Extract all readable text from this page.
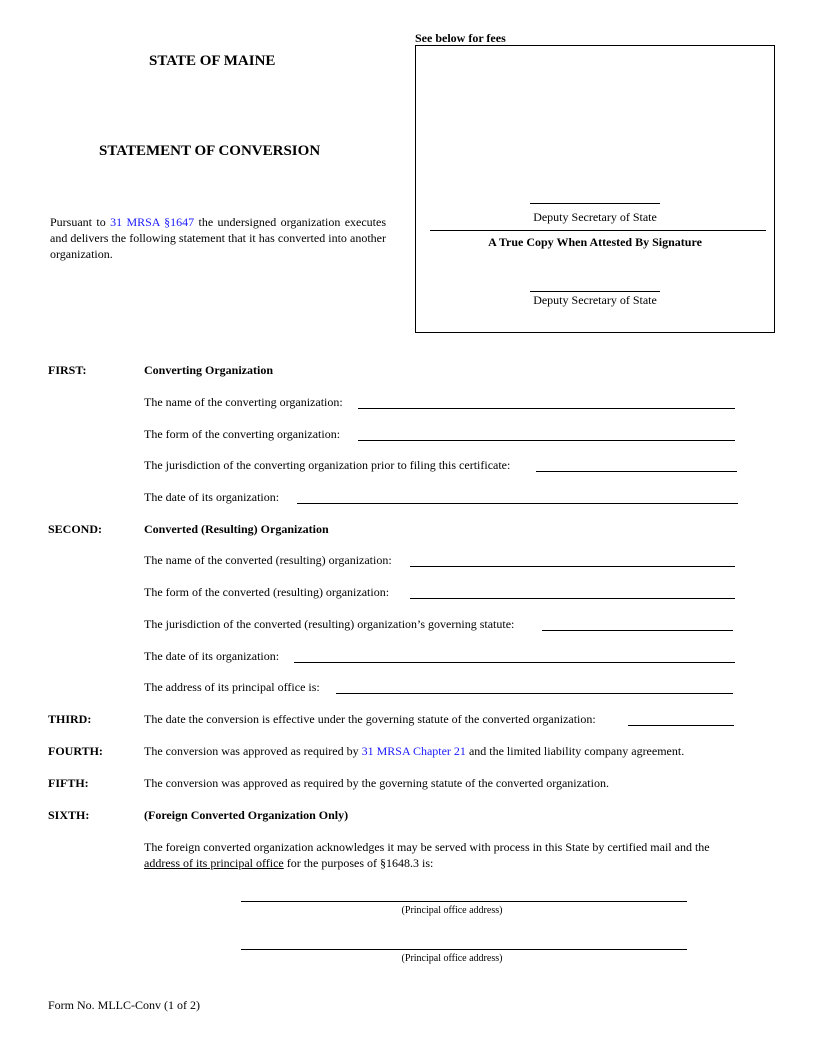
See below for fees
STATE OF MAINE
STATEMENT OF CONVERSION
Pursuant to 31 MRSA §1647 the undersigned organization executes and delivers the following statement that it has converted into another organization.
Deputy Secretary of State
A True Copy When Attested By Signature
Deputy Secretary of State
FIRST:	Converting Organization
The name of the converting organization:
The form of the converting organization:
The jurisdiction of the converting organization prior to filing this certificate:
The date of its organization:
SECOND:	Converted (Resulting) Organization
The name of the converted (resulting) organization:
The form of the converted (resulting) organization:
The jurisdiction of the converted (resulting) organization’s governing statute:
The date of its organization:
The address of its principal office is:
THIRD:	The date the conversion is effective under the governing statute of the converted organization:
FOURTH:	The conversion was approved as required by 31 MRSA Chapter 21 and the limited liability company agreement.
FIFTH:	The conversion was approved as required by the governing statute of the converted organization.
SIXTH:	(Foreign Converted Organization Only)
The foreign converted organization acknowledges it may be served with process in this State by certified mail and the
address of its principal office for the purposes of §1648.3 is:
(Principal office address)
(Principal office address)
Form No. MLLC-Conv (1 of 2)
